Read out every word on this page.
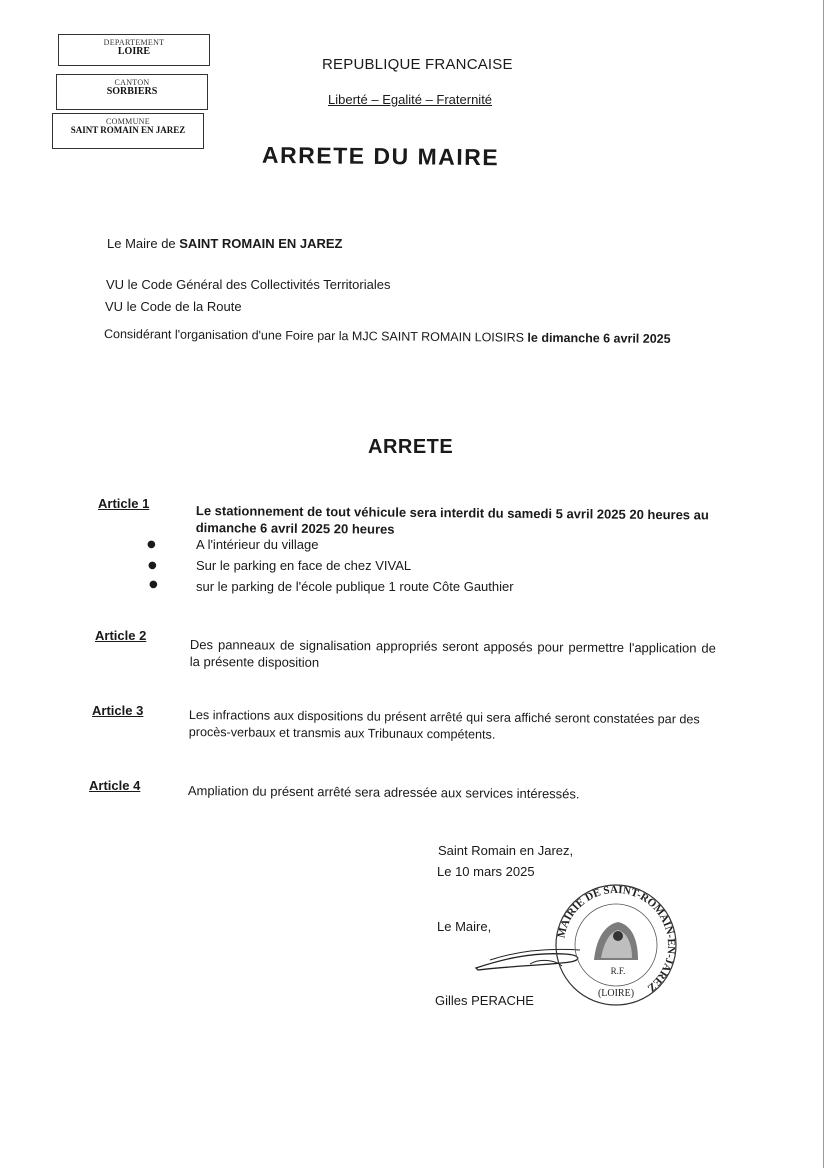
DEPARTEMENT
LOIRE
CANTON
SORBIERS
COMMUNE
SAINT ROMAIN EN JAREZ
REPUBLIQUE FRANCAISE
Liberté – Egalité – Fraternité
ARRETE DU MAIRE
Le Maire de SAINT ROMAIN EN JAREZ
VU le Code Général des Collectivités Territoriales
VU le Code de la Route
Considérant l'organisation d'une Foire par la MJC SAINT ROMAIN LOISIRS le dimanche 6 avril 2025
ARRETE
Article 1	Le stationnement de tout véhicule sera interdit du samedi 5 avril 2025 20 heures au dimanche 6 avril 2025 20 heures
●	A l'intérieur du village
●	Sur le parking en face de chez VIVAL
●	sur le parking de l'école publique 1 route Côte Gauthier
Article 2
Des panneaux de signalisation appropriés seront apposés pour permettre l'application de la présente disposition
Article 3	Les infractions aux dispositions du présent arrêté qui sera affiché seront constatées par des procès-verbaux et transmis aux Tribunaux compétents.
Article 4	Ampliation du présent arrêté sera adressée aux services intéressés.
Saint Romain en Jarez,
Le 10 mars 2025
Le Maire,
Gilles PERACHE
MAIRIE DE SAINT-ROMAIN-EN-JAREZ
(LOIRE)
R.F.
